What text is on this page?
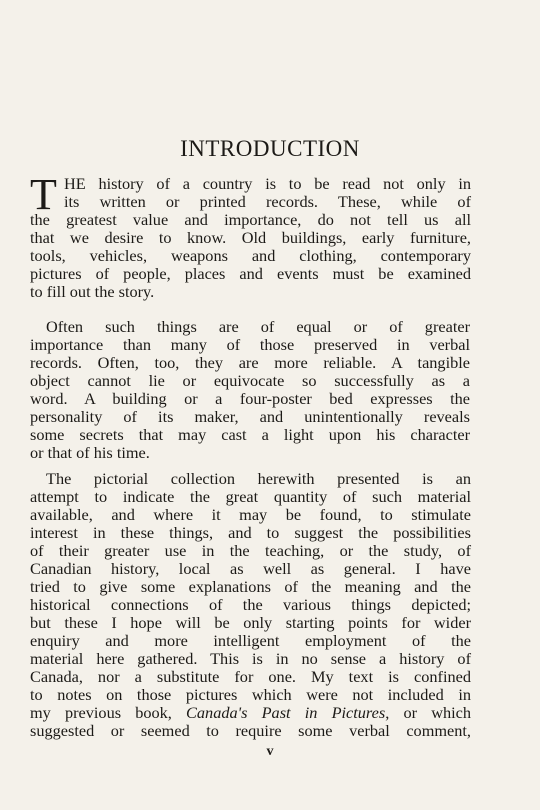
INTRODUCTION
T HE history of a country is to be read not only in
its written or printed records. These, while of
the greatest value and importance, do not tell us all
that we desire to know. Old buildings, early furniture,
tools, vehicles, weapons and clothing, contemporary
pictures of people, places and events must be examined
to fill out the story.
Often such things are of equal or of greater
importance than many of those preserved in verbal
records. Often, too, they are more reliable. A tangible
object cannot lie or equivocate so successfully as a
word. A building or a four-poster bed expresses the
personality of its maker, and unintentionally reveals
some secrets that may cast a light upon his character
or that of his time.
The pictorial collection herewith presented is an
attempt to indicate the great quantity of such material
available, and where it may be found, to stimulate
interest in these things, and to suggest the possibilities
of their greater use in the teaching, or the study, of
Canadian history, local as well as general. I have
tried to give some explanations of the meaning and the
historical connections of the various things depicted;
but these I hope will be only starting points for wider
enquiry and more intelligent employment of the
material here gathered. This is in no sense a history of
Canada, nor a substitute for one. My text is confined
to notes on those pictures which were not included in
my previous book, Canada's Past in Pictures, or which
suggested or seemed to require some verbal comment,
v
